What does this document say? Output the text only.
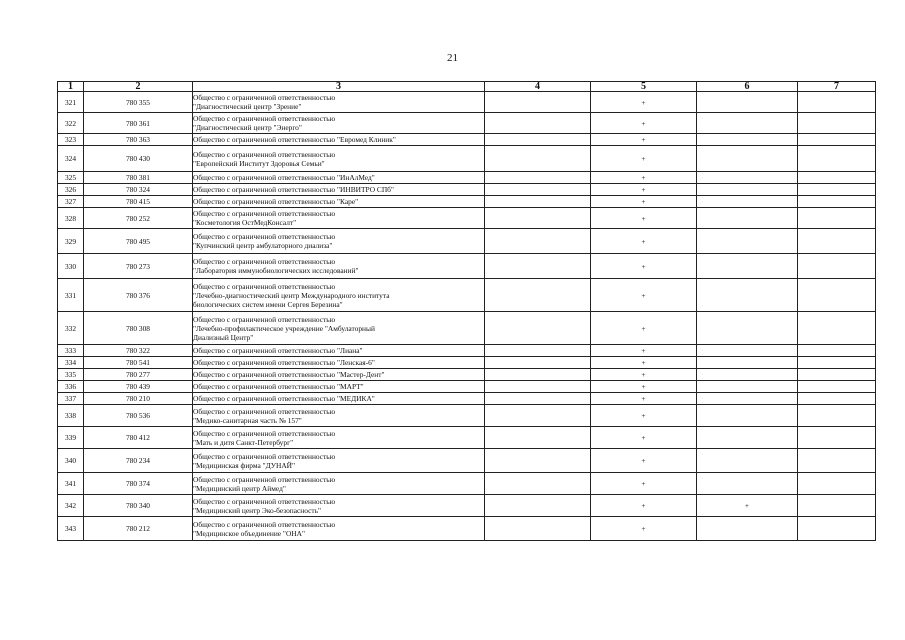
21
1	2	3	4	5	6	7
321	780 355	Общество с ограниченной ответственностью
"Диагностический центр "Зрение"		+		
322	780 361	Общество с ограниченной ответственностью
"Диагностический центр "Энерго"		+		
323	780 363	Общество с ограниченной ответственностью "Евромед Клиник"		+		
324	780 430	Общество с ограниченной ответственностью
"Европейский Институт Здоровья Семьи"		+		
325	780 381	Общество с ограниченной ответственностью "ИнАлМед"		+		
326	780 324	Общество с ограниченной ответственностью "ИНВИТРО СПб"		+		
327	780 415	Общество с ограниченной ответственностью "Каре"		+		
328	780 252	Общество с ограниченной ответственностью
"Косметология ОстМедКонсалт"		+		
329	780 495	Общество с ограниченной ответственностью
"Купчинский центр амбулаторного диализа"		+		
330	780 273	Общество с ограниченной ответственностью
"Лаборатория иммунобиологических исследований"		+		
331	780 376	Общество с ограниченной ответственностью
"Лечебно-диагностический центр Международного института
биологических систем имени Сергея Березина"		+		
332	780 308	Общество с ограниченной ответственностью
"Лечебно-профилактическое учреждение "Амбулаторный
Диализный Центр"		+		
333	780 322	Общество с ограниченной ответственностью "Лиана"		+		
334	780 541	Общество с ограниченной ответственностью "Ленская-6"		+		
335	780 277	Общество с ограниченной ответственностью "Мастер-Дент"		+		
336	780 439	Общество с ограниченной ответственностью "МАРТ"		+		
337	780 210	Общество с ограниченной ответственностью "МЕДИКА"		+		
338	780 536	Общество с ограниченной ответственностью
"Медико-санитарная часть № 157"		+		
339	780 412	Общество с ограниченной ответственностью
"Мать и дитя Санкт-Петербург"		+		
340	780 234	Общество с ограниченной ответственностью
"Медицинская фирма "ДУНАЙ"		+		
341	780 374	Общество с ограниченной ответственностью
"Медицинский центр Аймед"		+		
342	780 340	Общество с ограниченной ответственностью
"Медицинский центр Эко-безопасность"		+	+	
343	780 212	Общество с ограниченной ответственностью
"Медицинское объединение "ОНА"		+		
